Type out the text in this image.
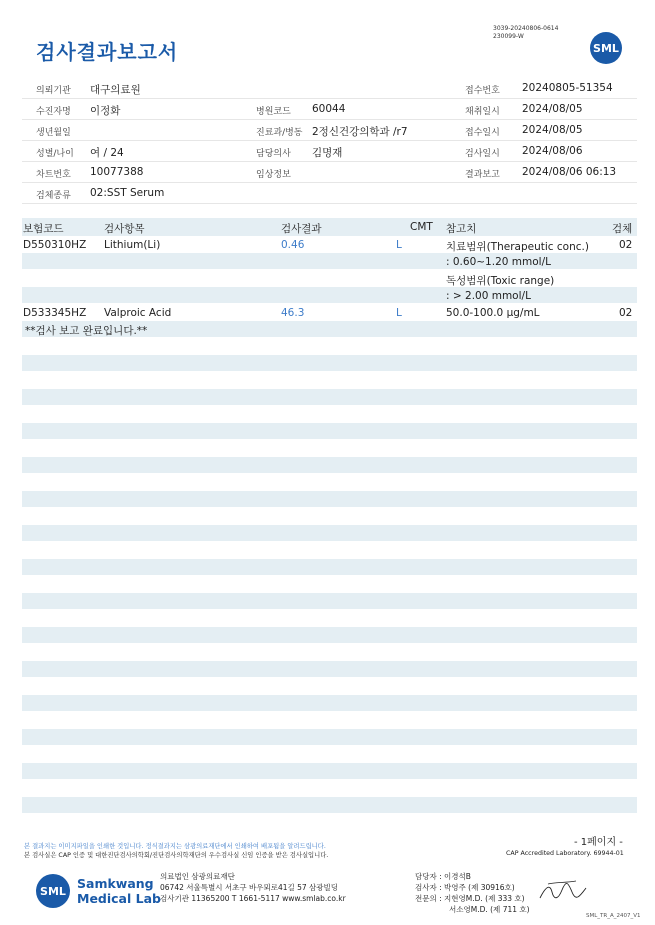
검사결과보고서
3039-20240806-0614
230099-W
SML
의뢰기관 대구의료원	접수번호 20240805-51354
수진자명 이정화	병원코드 60044	채취일시 2024/08/05
생년월일	진료과/병동 2정신건강의학과 /r7	접수일시 2024/08/05
성별/나이 여 / 24	담당의사 김명재	검사일시 2024/08/06
차트번호 10077388	임상정보	결과보고 2024/08/06 06:13
검체종류 02:SST Serum
보험코드	검사항목	검사결과	CMT 참고치	검체
D550310HZ Lithium(Li)	0.46	L	치료범위(Therapeutic conc.)	02
: 0.60~1.20 mmol/L
독성범위(Toxic range)
: > 2.00 mmol/L
D533345HZ Valproic Acid	46.3	L	50.0-100.0 µg/mL	02
**검사 보고 완료입니다.**
- 1페이지 -
본 결과지는 이미지파일을 인쇄한 것입니다. 정식결과지는 삼광의료재단에서 인쇄하여 배포됨을 알려드립니다.
본 검사실은 CAP 인증 및 대한진단검사의학회/진단검사의학재단의 우수검사실 신임 인증을 받은 검사실입니다.	CAP Accredited Laboratory. 69944-01
SML Samkwang
Medical Lab
의료법인 삼광의료재단
06742 서울특별시 서초구 바우뫼로41길 57 삼광빌딩
검사기관 11365200 T 1661-5117 www.smlab.co.kr
담당자 : 이경석B
검사자 : 박영주 (제 30916호)
전문의 : 지현영M.D. (제 333 호)
서소영M.D. (제 711 호)
SML_TR_A_2407_V1
